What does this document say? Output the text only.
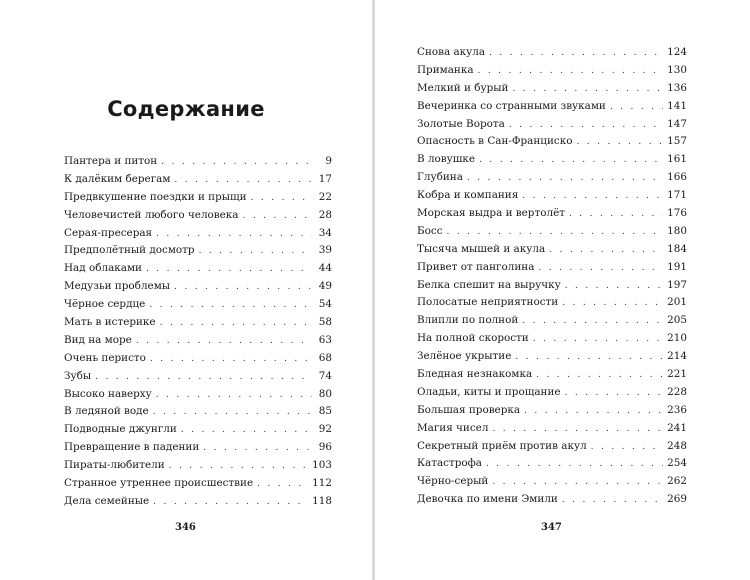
Содержание
Пантера и питон . . .	9
К далёким берегам . . .	17
Предвкушение поездки и прыщи . . .	22
Человечистей любого человека . . .	28
Серая-пресерая . . .	34
Предполётный досмотр . . .	39
Над облаками . . .	44
Медузьи проблемы . . .	49
Чёрное сердце . . .	54
Мать в истерике . . .	58
Вид на море . . .	63
Очень перисто . . .	68
Зубы . . .	74
Высоко наверху . . .	80
В ледяной воде . . .	85
Подводные джунгли . . .	92
Превращение в падении . . .	96
Пираты-любители . . .	103
Странное утреннее происшествие . . .	112
Дела семейные . . .	118

346

Снова акула . . .	124
Приманка . . .	130
Мелкий и бурый . . .	136
Вечеринка со странными звуками . . .	141
Золотые Ворота . . .	147
Опасность в Сан-Франциско . . .	157
В ловушке . . .	161
Глубина . . .	166
Кобра и компания . . .	171
Морская выдра и вертолёт . . .	176
Босс . . .	180
Тысяча мышей и акула . . .	184
Привет от панголина . . .	191
Белка спешит на выручку . . .	197
Полосатые неприятности . . .	201
Влипли по полной . . .	205
На полной скорости . . .	210
Зелёное укрытие . . .	214
Бледная незнакомка . . .	221
Оладьи, киты и прощание . . .	228
Большая проверка . . .	236
Магия чисел . . .	241
Секретный приём против акул . . .	248
Катастрофа . . .	254
Чёрно-серый . . .	262
Девочка по имени Эмили . . .	269

347
